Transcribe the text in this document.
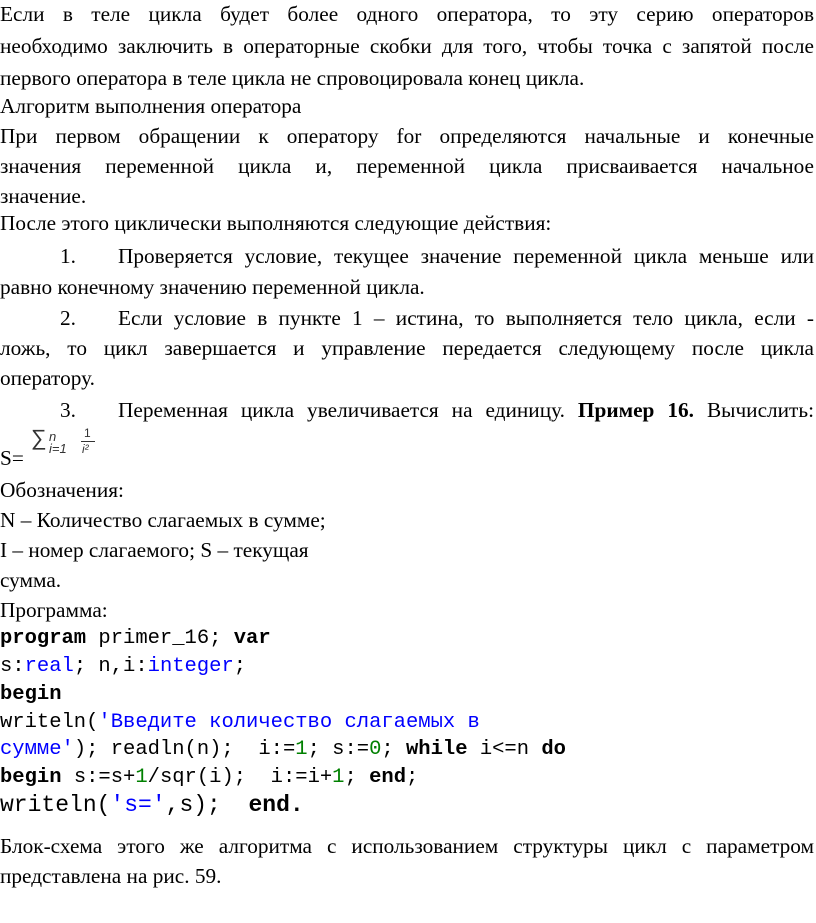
Если в теле цикла будет более одного оператора, то эту серию операторов
необходимо заключить в операторные скобки для того, чтобы точка с запятой после
первого оператора в теле цикла не спровоцировала конец цикла.
Алгоритм выполнения оператора
При первом обращении к оператору for определяются начальные и конечные
значения переменной цикла и, переменной цикла присваивается начальное
значение.
После этого циклически выполняются следующие действия:
1. Проверяется условие, текущее значение переменной цикла меньше или
равно конечному значению переменной цикла.
2. Если условие в пункте 1 – истина, то выполняется тело цикла, если -
ложь, то цикл завершается и управление передается следующему после цикла
оператору.
3. Переменная цикла увеличивается на единицу. Пример 16. Вычислить:
S=
∑ n
i=1
1
i²
Обозначения:
N – Количество слагаемых в сумме;
I – номер слагаемого; S – текущая
сумма.
Программа:
program primer_16; var
s:real; n,i:integer;
begin
writeln('Введите количество слагаемых в
сумме'); readln(n);  i:=1; s:=0; while i<=n do
begin s:=s+1/sqr(i);  i:=i+1; end;
writeln('s=',s);  end.
Блок-схема этого же алгоритма с использованием структуры цикл с параметром
представлена на рис. 59.
